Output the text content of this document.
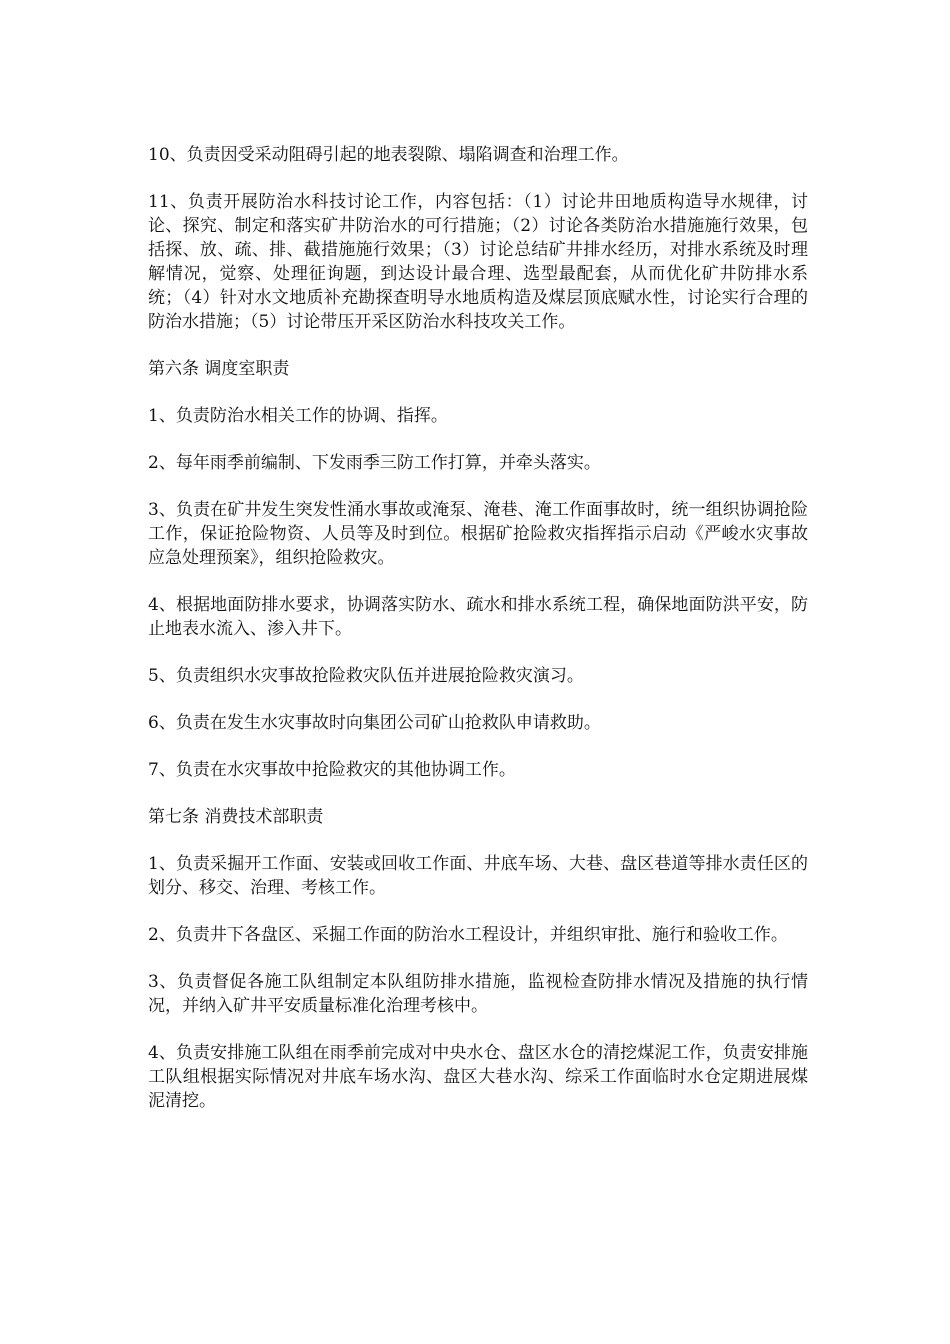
10、负责因受采动阻碍引起的地表裂隙、塌陷调查和治理工作。

11、负责开展防治水科技讨论工作，内容包括：（1）讨论井田地质构造导水规律，讨论、探究、制定和落实矿井防治水的可行措施；（2）讨论各类防治水措施施行效果，包括探、放、疏、排、截措施施行效果；（3）讨论总结矿井排水经历，对排水系统及时理解情况，觉察、处理征询题，到达设计最合理、选型最配套，从而优化矿井防排水系统；（4）针对水文地质补充勘探查明导水地质构造及煤层顶底赋水性，讨论实行合理的防治水措施；（5）讨论带压开采区防治水科技攻关工作。

第六条 调度室职责

1、负责防治水相关工作的协调、指挥。

2、每年雨季前编制、下发雨季三防工作打算，并牵头落实。

3、负责在矿井发生突发性涌水事故或淹泵、淹巷、淹工作面事故时，统一组织协调抢险工作，保证抢险物资、人员等及时到位。根据矿抢险救灾指挥指示启动《严峻水灾事故应急处理预案》，组织抢险救灾。

4、根据地面防排水要求，协调落实防水、疏水和排水系统工程，确保地面防洪平安，防止地表水流入、渗入井下。

5、负责组织水灾事故抢险救灾队伍并进展抢险救灾演习。

6、负责在发生水灾事故时向集团公司矿山抢救队申请救助。

7、负责在水灾事故中抢险救灾的其他协调工作。

第七条 消费技术部职责

1、负责采掘开工作面、安装或回收工作面、井底车场、大巷、盘区巷道等排水责任区的划分、移交、治理、考核工作。

2、负责井下各盘区、采掘工作面的防治水工程设计，并组织审批、施行和验收工作。

3、负责督促各施工队组制定本队组防排水措施，监视检查防排水情况及措施的执行情况，并纳入矿井平安质量标准化治理考核中。

4、负责安排施工队组在雨季前完成对中央水仓、盘区水仓的清挖煤泥工作，负责安排施工队组根据实际情况对井底车场水沟、盘区大巷水沟、综采工作面临时水仓定期进展煤泥清挖。
